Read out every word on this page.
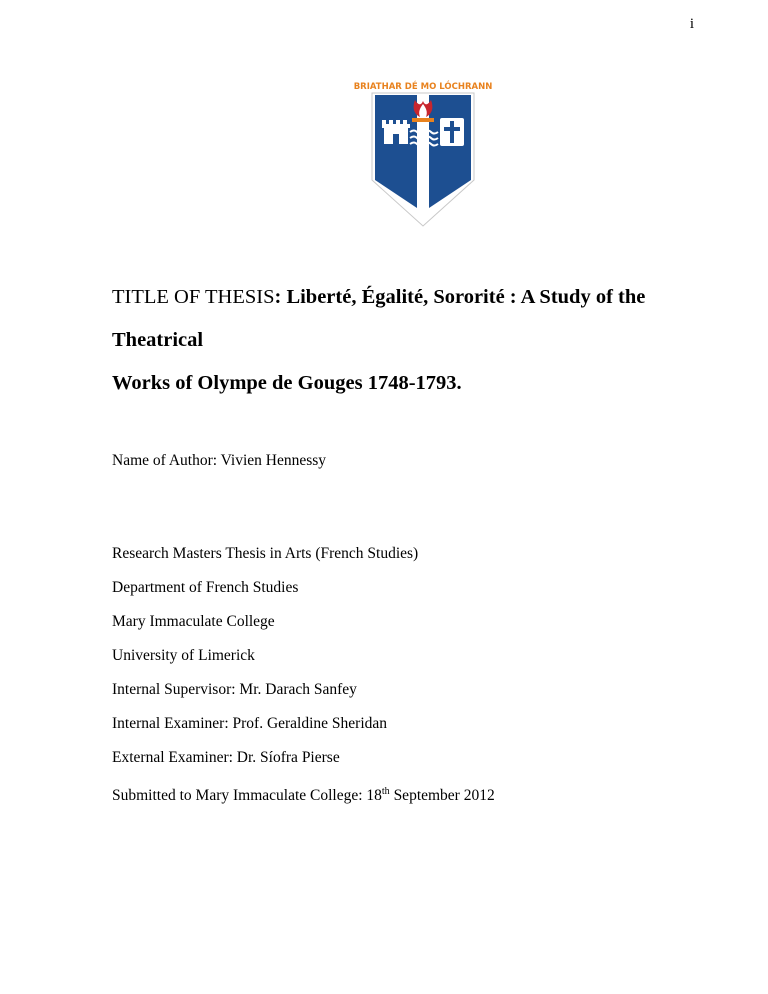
i
BRIATHAR DÉ MO LÓCHRANN
TITLE OF THESIS: Liberté, Égalité, Sororité : A Study of the Theatrical
Works of Olympe de Gouges 1748-1793.
Name of Author: Vivien Hennessy
Research Masters Thesis in Arts (French Studies)
Department of French Studies
Mary Immaculate College
University of Limerick
Internal Supervisor: Mr. Darach Sanfey
Internal Examiner: Prof. Geraldine Sheridan
External Examiner: Dr. Síofra Pierse
Submitted to Mary Immaculate College: 18th September 2012
